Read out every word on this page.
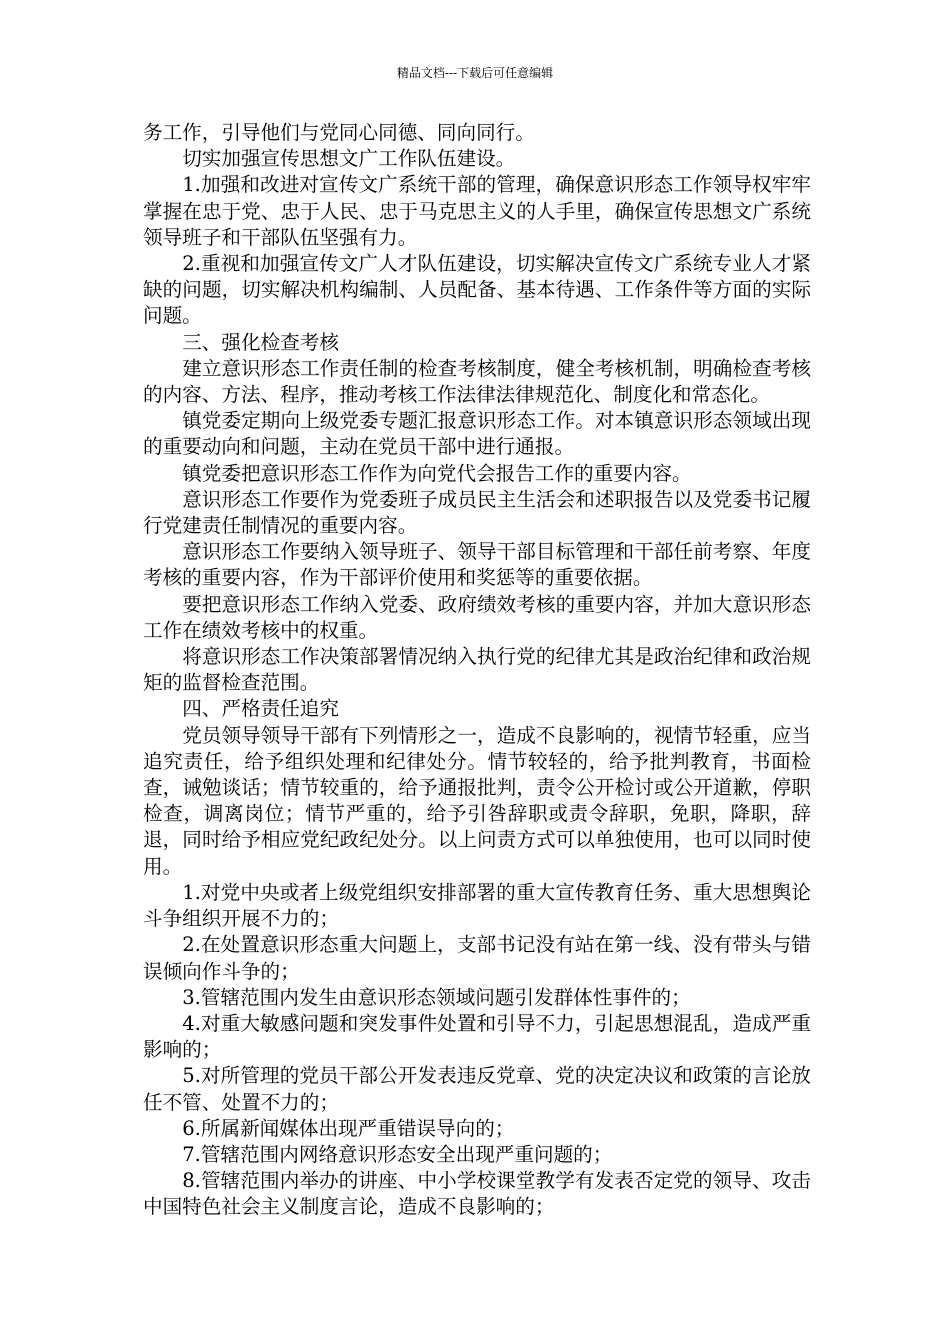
精品文档---下载后可任意编辑

务工作，引导他们与党同心同德、同向同行。

切实加强宣传思想文广工作队伍建设。

1.加强和改进对宣传文广系统干部的管理，确保意识形态工作领导权牢牢掌握在忠于党、忠于人民、忠于马克思主义的人手里，确保宣传思想文广系统领导班子和干部队伍坚强有力。

2.重视和加强宣传文广人才队伍建设，切实解决宣传文广系统专业人才紧缺的问题，切实解决机构编制、人员配备、基本待遇、工作条件等方面的实际问题。

三、强化检查考核

建立意识形态工作责任制的检查考核制度，健全考核机制，明确检查考核的内容、方法、程序，推动考核工作法律法律规范化、制度化和常态化。

镇党委定期向上级党委专题汇报意识形态工作。对本镇意识形态领域出现的重要动向和问题，主动在党员干部中进行通报。

镇党委把意识形态工作作为向党代会报告工作的重要内容。

意识形态工作要作为党委班子成员民主生活会和述职报告以及党委书记履行党建责任制情况的重要内容。

意识形态工作要纳入领导班子、领导干部目标管理和干部任前考察、年度考核的重要内容，作为干部评价使用和奖惩等的重要依据。

要把意识形态工作纳入党委、政府绩效考核的重要内容，并加大意识形态工作在绩效考核中的权重。

将意识形态工作决策部署情况纳入执行党的纪律尤其是政治纪律和政治规矩的监督检查范围。

四、严格责任追究

党员领导领导干部有下列情形之一，造成不良影响的，视情节轻重，应当追究责任，给予组织处理和纪律处分。情节较轻的，给予批判教育，书面检查，诫勉谈话；情节较重的，给予通报批判，责令公开检讨或公开道歉，停职检查，调离岗位；情节严重的，给予引咎辞职或责令辞职，免职，降职，辞退，同时给予相应党纪政纪处分。以上问责方式可以单独使用，也可以同时使用。

1.对党中央或者上级党组织安排部署的重大宣传教育任务、重大思想舆论斗争组织开展不力的；

2.在处置意识形态重大问题上，支部书记没有站在第一线、没有带头与错误倾向作斗争的；

3.管辖范围内发生由意识形态领域问题引发群体性事件的；

4.对重大敏感问题和突发事件处置和引导不力，引起思想混乱，造成严重影响的；

5.对所管理的党员干部公开发表违反党章、党的决定决议和政策的言论放任不管、处置不力的；

6.所属新闻媒体出现严重错误导向的；

7.管辖范围内网络意识形态安全出现严重问题的；

8.管辖范围内举办的讲座、中小学校课堂教学有发表否定党的领导、攻击中国特色社会主义制度言论，造成不良影响的；
